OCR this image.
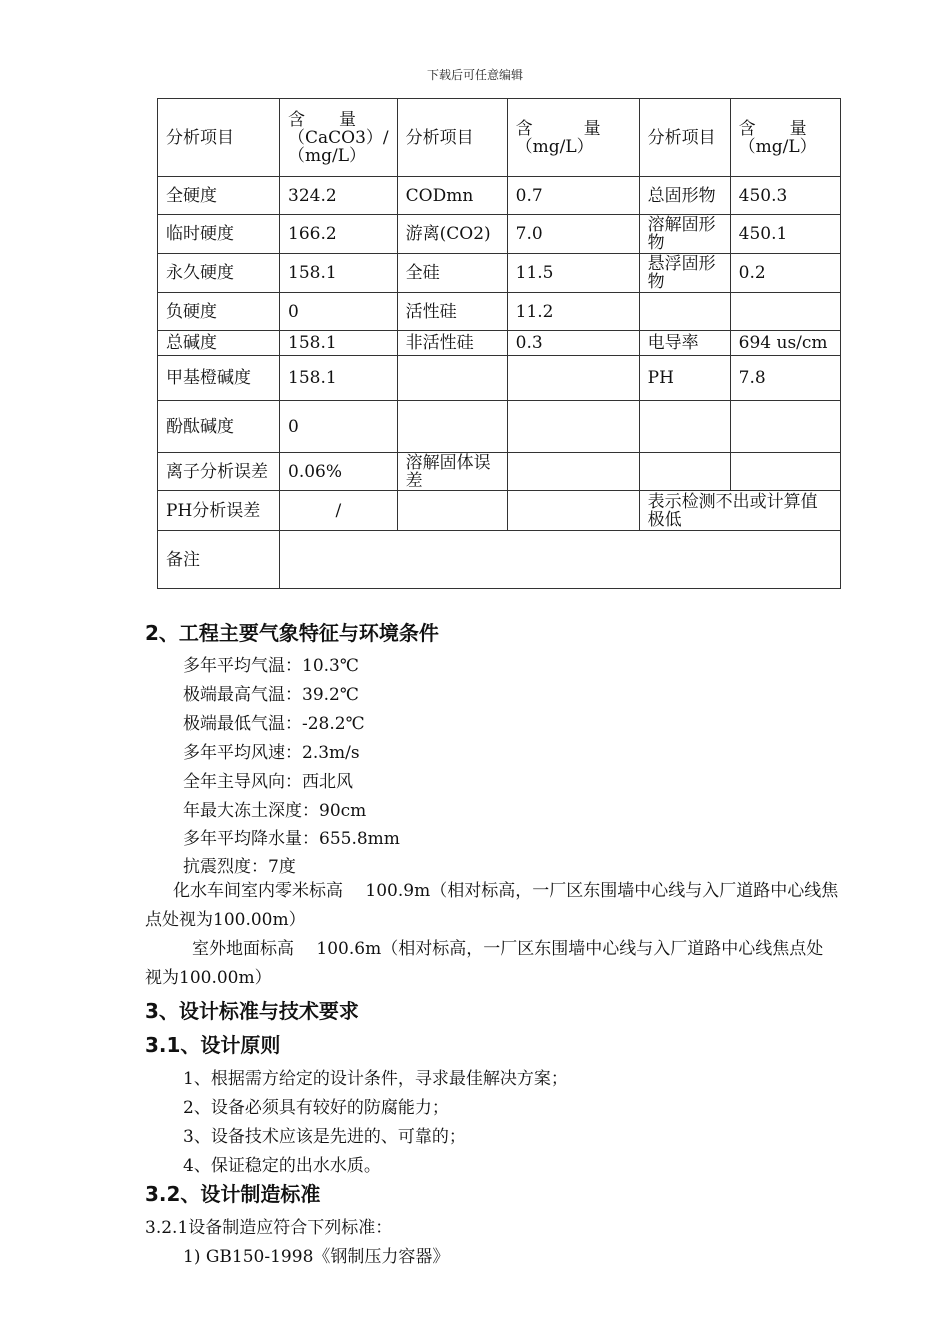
下载后可任意编辑
分析项目	含　　量（CaCO3）/（mg/L）	分析项目	含　　　量（mg/L）	分析项目	含　　量（mg/L）
全硬度	324.2	CODmn	0.7	总固形物	450.3
临时硬度	166.2	游离(CO2)	7.0	溶解固形物	450.1
永久硬度	158.1	全硅	11.5	悬浮固形物	0.2
负硬度	0	活性硅	11.2		
总碱度	158.1	非活性硅	0.3	电导率	694 us/cm
甲基橙碱度	158.1			PH	7.8
酚酞碱度	0				
离子分析误差	0.06%	溶解固体误差			
PH分析误差	/			表示检测不出或计算值极低	
备注					
2、工程主要气象特征与环境条件
多年平均气温：10.3℃
极端最高气温：39.2℃
极端最低气温：-28.2℃
多年平均风速：2.3m/s
全年主导风向：西北风
年最大冻土深度：90cm
多年平均降水量：655.8mm
抗震烈度：7度
化水车间室内零米标高　 100.9m（相对标高，一厂区东围墙中心线与入厂道路中心线焦点处视为100.00m）
室外地面标高　 100.6m（相对标高，一厂区东围墙中心线与入厂道路中心线焦点处视为100.00m）
3、设计标准与技术要求
3.1、设计原则
1、根据需方给定的设计条件，寻求最佳解决方案；
2、设备必须具有较好的防腐能力；
3、设备技术应该是先进的、可靠的；
4、保证稳定的出水水质。
3.2、设计制造标准
3.2.1设备制造应符合下列标准：
1) GB150-1998《钢制压力容器》
